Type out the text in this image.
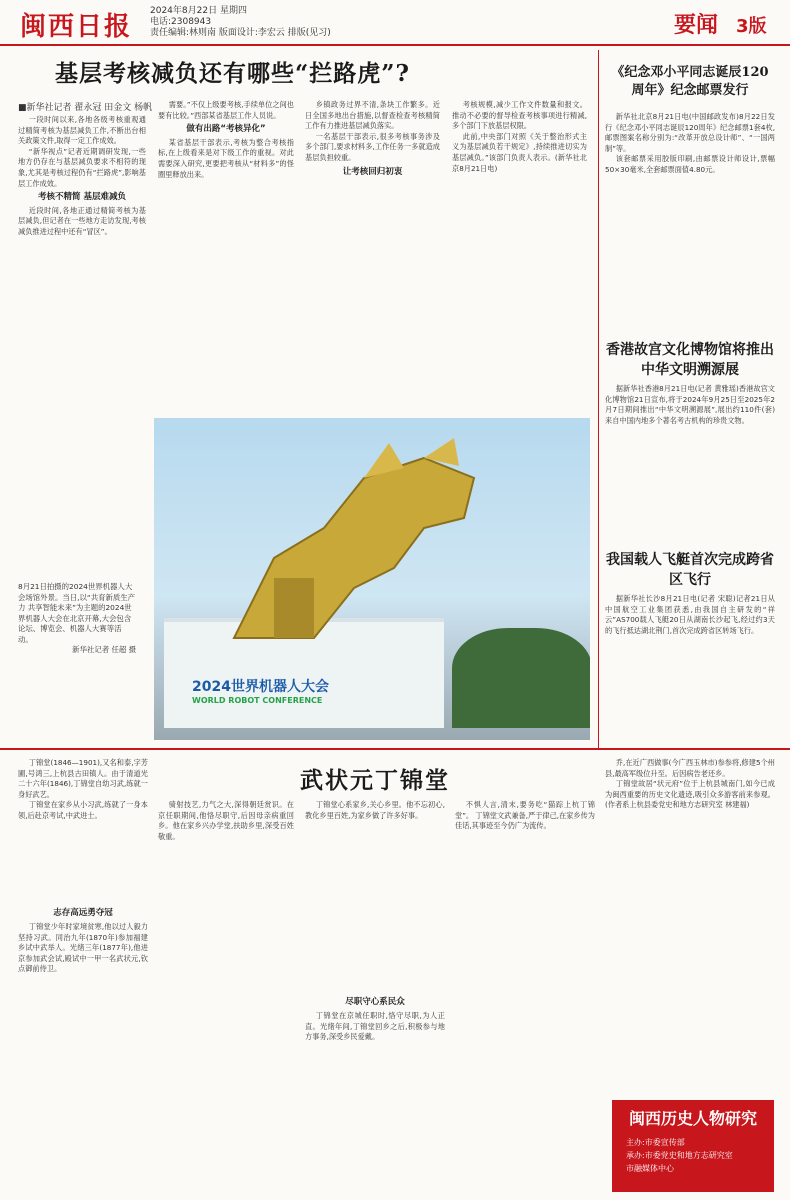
闽西日报
2024年8月22日 星期四
电话:2308943
责任编辑:林则南 版面设计:李宏云 排版(见习)	要闻 3版
基层考核减负还有哪些“拦路虎”?
■新华社记者 翟永冠 田金文 杨帆

一段时间以来,各地各级考核重观通过精简考核为基层减负工作,不断出台相关政策文件,取得一定工作成效。

“新华视点”记者近期调研发现,一些地方仍存在与基层减负要求不相符的现象,尤其是考核过程仍有“拦路虎”,影响基层工作成效。

考核不精简 基层难减负

近段时间,各地正通过精简考核为基层减负,但记者在一些地方走访发现,考核减负推进过程中还有“冒区”。

需要。”不仅上级要考核,手续单位之间也要有比较。”西部某省基层工作人员说。

做有出路“考核异化”

某省基层干部表示,考核为整合考核指标,在上级看来是对下级工作的重视。对此需要深入研究,更要把考核从“材料多”的怪圈里释放出来。

乡镇政务过界不清,条块工作繁多。近日全国多地出台措施,以督查检查考核精简工作有力推进基层减负落实。

一名基层干部表示,很多考核事务涉及多个部门,要求材料多,工作任务一多就造成基层负担较重。

让考核回归初衷

考核规模,减少工作文件数量和报文。推动不必要的督导检查考核事项进行精减,多个部门下放基层权限。

此前,中央部门对照《关于整治形式主义为基层减负若干规定》,持续推进切实为基层减负。”该部门负责人表示。(新华社北京8月21日电)

2024世界机器人大会
WORLD ROBOT CONFERENCE
8月21日拍摄的2024世界机器人大会场馆外景。当日,以“共育新质生产力 共享智能未来”为主题的2024世界机器人大会在北京开幕,大会包含论坛、博览会、机器人大赛等活动。
新华社记者 任超 摄
《纪念邓小平同志诞辰120周年》纪念邮票发行

新华社北京8月21日电(中国邮政发布)8月22日发行《纪念邓小平同志诞辰120周年》纪念邮票1套4枚,邮票图案名称分别为:“改革开放总设计师”、“一国两制”等。

该套邮票采用胶版印刷,由邮票设计师设计,票幅50×30毫米,全套邮票面值4.80元。

香港故宫文化博物馆将推出中华文明溯源展

据新华社香港8月21日电(记者 黄雅瑶)香港故宫文化博物馆21日宣布,将于2024年9月25日至2025年2月7日期间推出“中华文明溯源展”,展出约110件(套)来自中国内地多个著名考古机构的珍贵文物。

我国载人飞艇首次完成跨省区飞行

据新华社长沙8月21日电(记者 宋聪)记者21日从中国航空工业集团获悉,由我国自主研发的“祥云”AS700载人飞艇20日从湖南长沙起飞,经过约3天的飞行抵达湖北荆门,首次完成跨省区转场飞行。

武状元丁锦堂

丁锦堂(1846—1901),又名和泰,字芳圃,号鸿三,上杭县古田镇人。由于清道光二十六年(1846),丁锦堂自幼习武,练就一身好武艺。

丁锦堂在家乡从小习武,练就了一身本领,后赴京考试,中武进士。

志存高远勇夺冠

丁锦堂少年时家境贫寒,他以过人毅力坚持习武。同治九年(1870年)参加福建乡试中武举人。光绪三年(1877年),他进京参加武会试,殿试中一甲一名武状元,钦点御前侍卫。

骑射技艺,力气之大,深得朝廷赏识。在京任职期间,他恪尽职守,后因母亲病重回乡。他在家乡兴办学堂,扶助乡里,深受百姓敬重。

丁锦堂心系家乡,关心乡里。他不忘初心,教化乡里百姓,为家乡做了许多好事。

尽职守心系民众

丁锦堂在京城任职时,恪守尽职,为人正直。光绪年间,丁锦堂回乡之后,积极参与地方事务,深受乡民爱戴。

不惧人言,清末,要务吃“猫踪上杭丁锦堂”。 丁锦堂文武兼备,严于律己,在家乡传为佳话,其事迹至今仍广为流传。

乔,在近广西做事(今广西玉林市)参参将,修建5个州县,最高军级位升至。后因病告老还乡。

丁锦堂故居“状元府”位于上杭县城南门,如今已成为闽西重要的历史文化遗迹,吸引众多游客前来参观。(作者系上杭县委党史和地方志研究室 林建福)

闽西历史人物研究
主办:市委宣传部
承办:市委党史和地方志研究室
市融媒体中心
